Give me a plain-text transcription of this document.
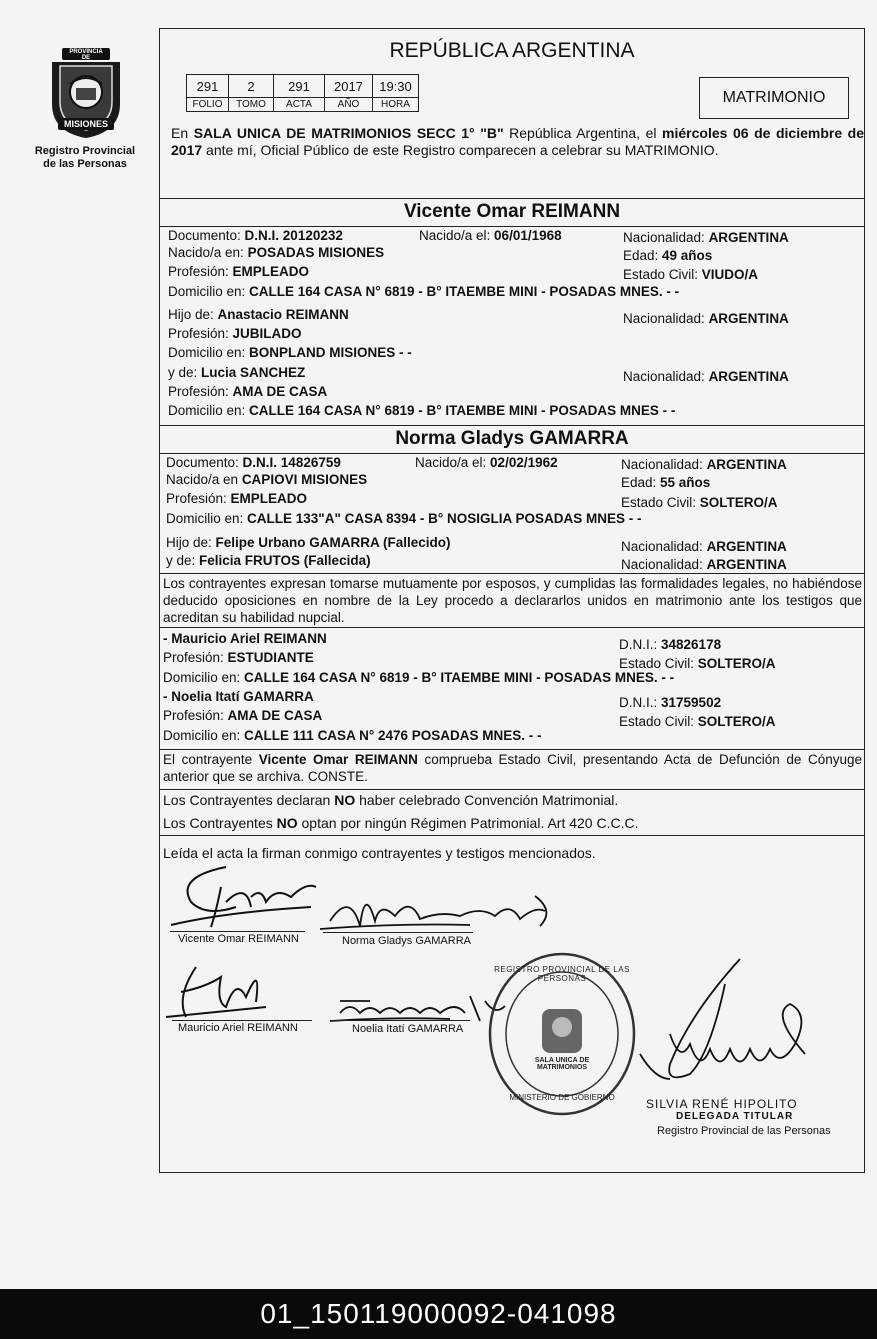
PROVINCIA DE
MISIONES
Registro Provincial
de las Personas
REPÚBLICA ARGENTINA
291	2	291	2017	19:30
FOLIO	TOMO	ACTA	AÑO	HORA	MATRIMONIO
En SALA UNICA DE MATRIMONIOS SECC 1° "B" República Argentina, el miércoles 06 de diciembre de 2017 ante mí, Oficial Público de este Registro comparecen a celebrar su MATRIMONIO.
Vicente Omar REIMANN
Documento: D.N.I. 20120232	Nacido/a el: 06/01/1968	Nacionalidad: ARGENTINA
Nacido/a en: POSADAS MISIONES	Edad: 49 años
Profesión: EMPLEADO	Estado Civil: VIUDO/A
Domicilio en: CALLE 164 CASA N° 6819 - B° ITAEMBE MINI - POSADAS MNES. - -
Hijo de: Anastacio REIMANN	Nacionalidad: ARGENTINA
Profesión: JUBILADO
Domicilio en: BONPLAND MISIONES - -
y de: Lucia SANCHEZ	Nacionalidad: ARGENTINA
Profesión: AMA DE CASA
Domicilio en: CALLE 164 CASA N° 6819 - B° ITAEMBE MINI - POSADAS MNES - -
Norma Gladys GAMARRA
Documento: D.N.I. 14826759	Nacido/a el: 02/02/1962	Nacionalidad: ARGENTINA
Nacido/a en CAPIOVI MISIONES	Edad: 55 años
Profesión: EMPLEADO	Estado Civil: SOLTERO/A
Domicilio en: CALLE 133"A" CASA 8394 - B° NOSIGLIA POSADAS MNES - -
Hijo de: Felipe Urbano GAMARRA (Fallecido)	Nacionalidad: ARGENTINA
y de: Felicia FRUTOS (Fallecida)	Nacionalidad: ARGENTINA
Los contrayentes expresan tomarse mutuamente por esposos, y cumplidas las formalidades legales, no habiéndose deducido oposiciones en nombre de la Ley procedo a declararlos unidos en matrimonio ante los testigos que acreditan su habilidad nupcial.
- Mauricio Ariel REIMANN	D.N.I.: 34826178
Profesión: ESTUDIANTE	Estado Civil: SOLTERO/A
Domicilio en: CALLE 164 CASA N° 6819 - B° ITAEMBE MINI - POSADAS MNES. - -
- Noelia Itatí GAMARRA	D.N.I.: 31759502
Profesión: AMA DE CASA	Estado Civil: SOLTERO/A
Domicilio en: CALLE 111 CASA N° 2476 POSADAS MNES. - -
El contrayente Vicente Omar REIMANN comprueba Estado Civil, presentando Acta de Defunción de Cónyuge anterior que se archiva. CONSTE.
Los Contrayentes declaran NO haber celebrado Convención Matrimonial.
Los Contrayentes NO optan por ningún Régimen Patrimonial. Art 420 C.C.C.
Leída el acta la firman conmigo contrayentes y testigos mencionados.
Vicente Omar REIMANN	Norma Gladys GAMARRA
Mauricio Ariel REIMANN	Noelia Itatí GAMARRA
REGISTRO PROVINCIAL DE LAS PERSONAS
SALA UNICA DE MATRIMONIOS
MINISTERIO DE GOBIERNO	SILVIA RENÉ HIPOLITO
DELEGADA TITULAR
Registro Provincial de las Personas
01_150119000092-041098
